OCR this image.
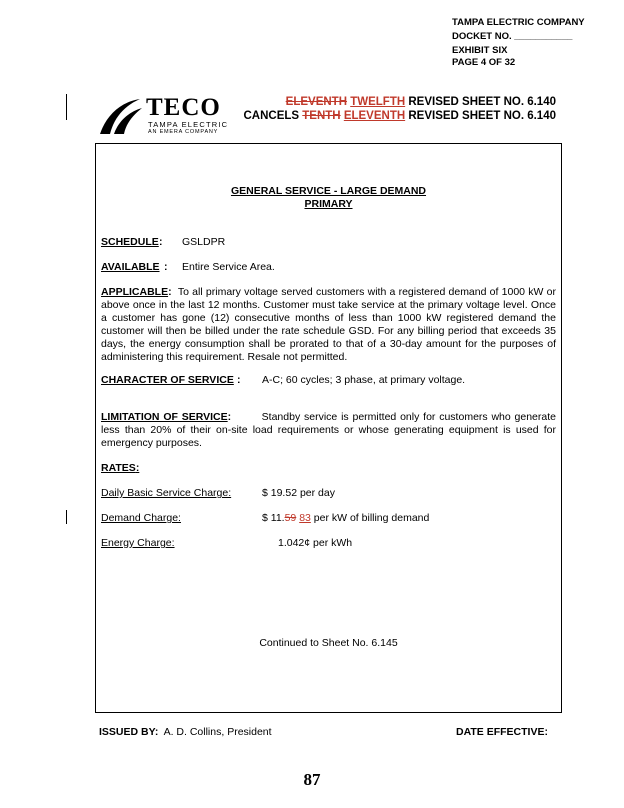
TAMPA ELECTRIC COMPANY
DOCKET NO. ___________
EXHIBIT SIX
PAGE 4 OF 32
TECO
TAMPA ELECTRIC
AN EMERA COMPANY
ELEVENTH TWELFTH REVISED SHEET NO. 6.140
CANCELS TENTH ELEVENTH REVISED SHEET NO. 6.140
GENERAL SERVICE - LARGE DEMAND
PRIMARY
SCHEDULE : GSLDPR
AVAILABLE : Entire Service Area.
APPLICABLE: To all primary voltage served customers with a registered demand of 1000 kW or above once in the last 12 months. Customer must take service at the primary voltage level. Once a customer has gone (12) consecutive months of less than 1000 kW registered demand the customer will then be billed under the rate schedule GSD. For any billing period that exceeds 35 days, the energy consumption shall be prorated to that of a 30-day amount for the purposes of administering this requirement. Resale not permitted.
CHARACTER OF SERVICE : A-C; 60 cycles; 3 phase, at primary voltage.
LIMITATION OF SERVICE:	Standby service is permitted only for customers who generate less than 20% of their on-site load requirements or whose generating equipment is used for emergency purposes.
RATES:
Daily Basic Service Charge:	$ 19.52 per day
Demand Charge:	$ 11.59 83 per kW of billing demand
Energy Charge:	1.042¢ per kWh
Continued to Sheet No. 6.145
ISSUED BY: A. D. Collins, President	DATE EFFECTIVE:
87
